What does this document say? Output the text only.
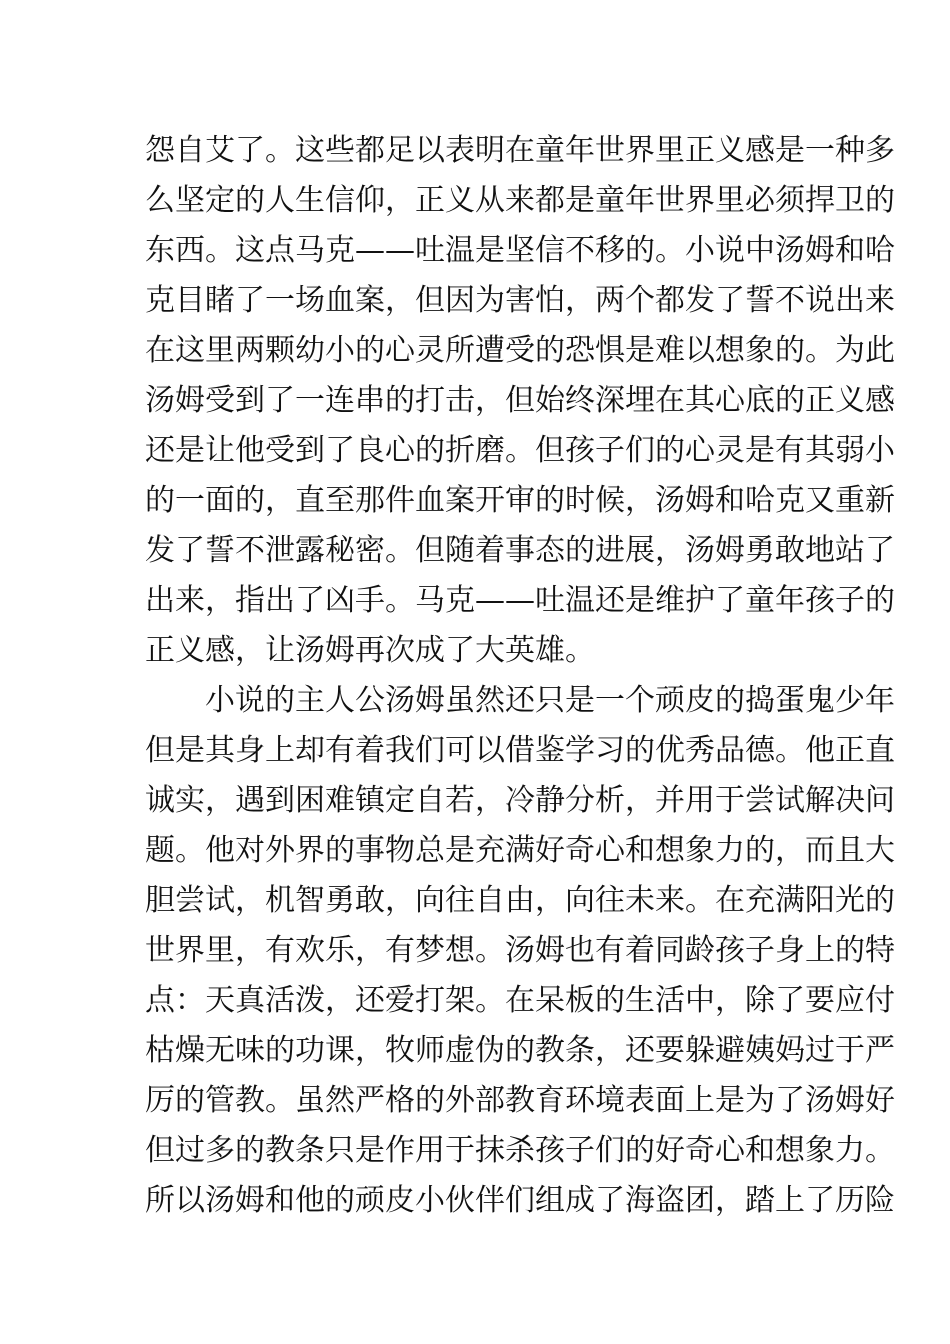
怨自艾了。这些都足以表明在童年世界里正义感是一种多
么坚定的人生信仰，正义从来都是童年世界里必须捍卫的
东西。这点马克——吐温是坚信不移的。小说中汤姆和哈
克目睹了一场血案，但因为害怕，两个都发了誓不说出来
在这里两颗幼小的心灵所遭受的恐惧是难以想象的。为此
汤姆受到了一连串的打击，但始终深埋在其心底的正义感
还是让他受到了良心的折磨。但孩子们的心灵是有其弱小
的一面的，直至那件血案开审的时候，汤姆和哈克又重新
发了誓不泄露秘密。但随着事态的进展，汤姆勇敢地站了
出来，指出了凶手。马克——吐温还是维护了童年孩子的
正义感，让汤姆再次成了大英雄。
小说的主人公汤姆虽然还只是一个顽皮的捣蛋鬼少年
但是其身上却有着我们可以借鉴学习的优秀品德。他正直
诚实，遇到困难镇定自若，冷静分析，并用于尝试解决问
题。他对外界的事物总是充满好奇心和想象力的，而且大
胆尝试，机智勇敢，向往自由，向往未来。在充满阳光的
世界里，有欢乐，有梦想。汤姆也有着同龄孩子身上的特
点：天真活泼，还爱打架。在呆板的生活中，除了要应付
枯燥无味的功课，牧师虚伪的教条，还要躲避姨妈过于严
厉的管教。虽然严格的外部教育环境表面上是为了汤姆好
但过多的教条只是作用于抹杀孩子们的好奇心和想象力。
所以汤姆和他的顽皮小伙伴们组成了海盗团，踏上了历险
